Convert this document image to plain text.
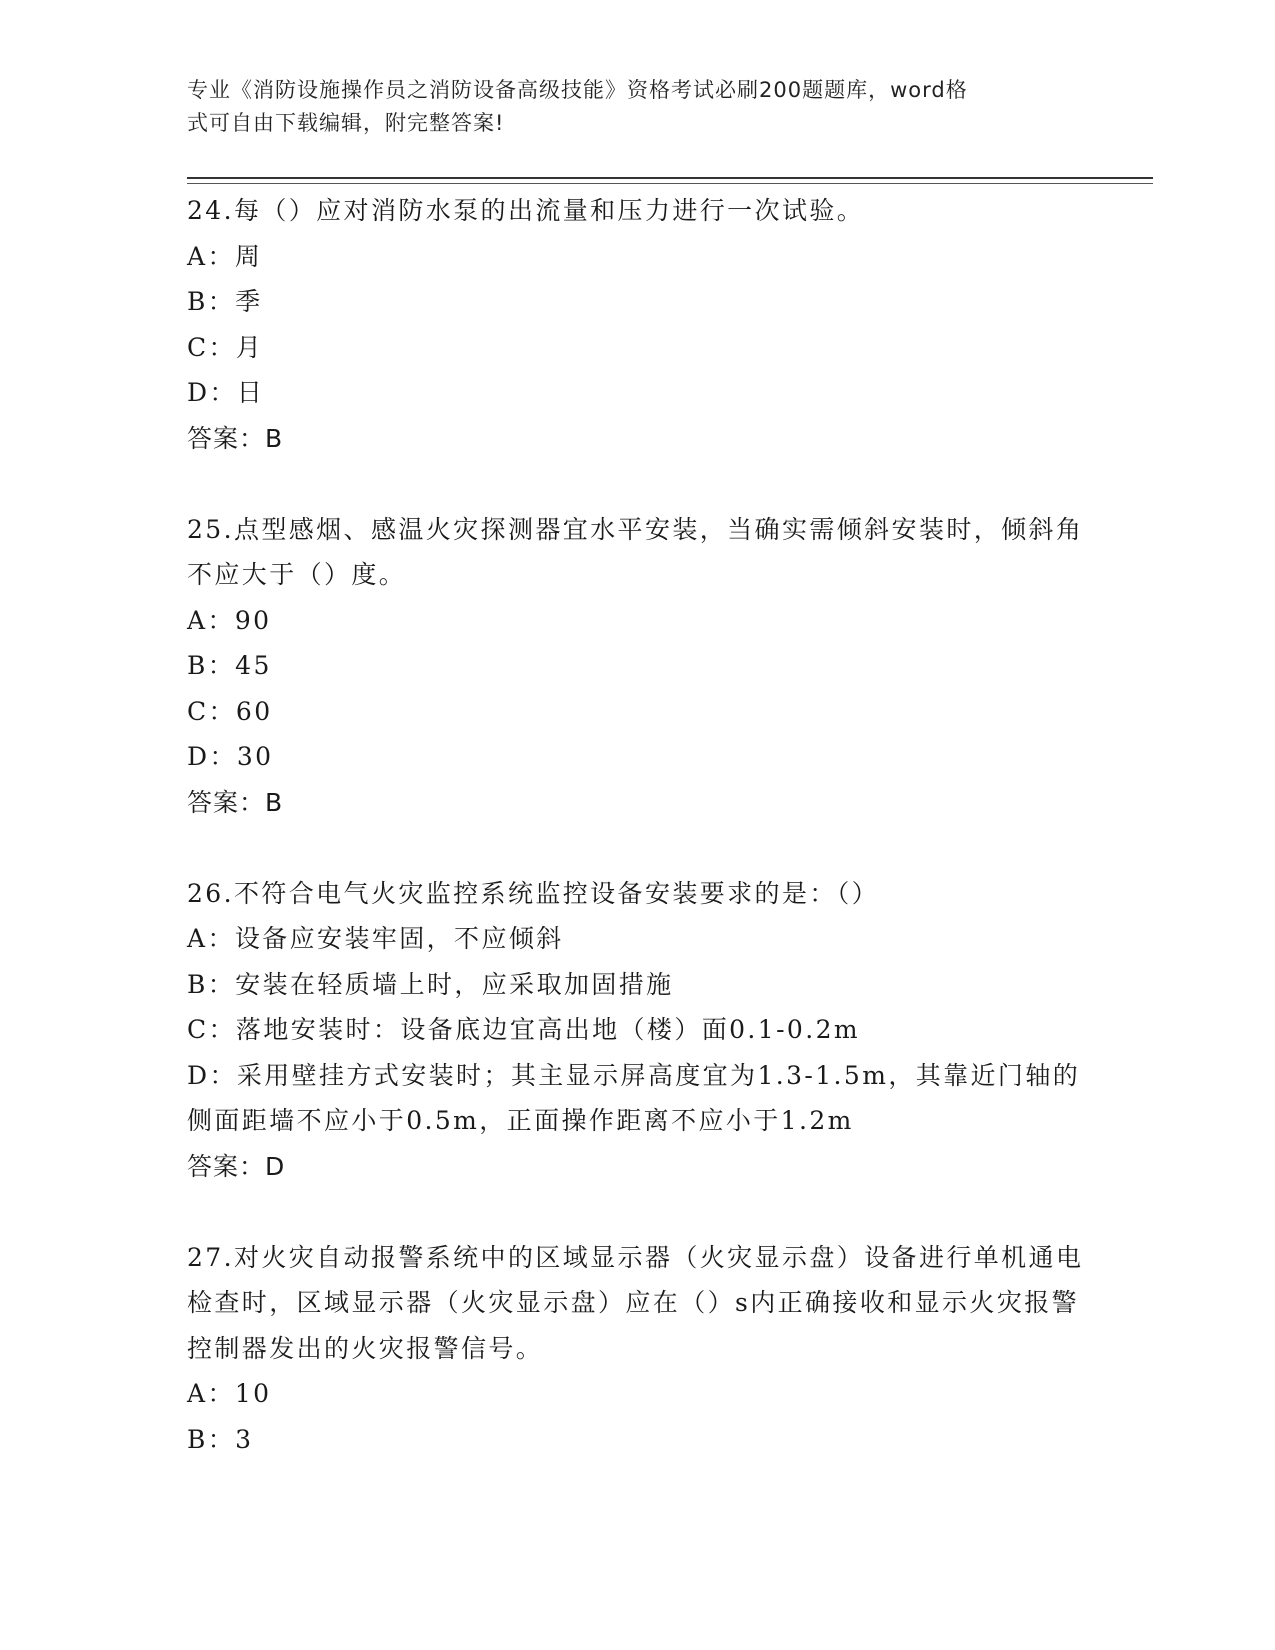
专业《消防设施操作员之消防设备高级技能》资格考试必刷200题题库，word格
式可自由下载编辑，附完整答案!
24.每（）应对消防水泵的出流量和压力进行一次试验。
A：周
B：季
C：月
D：日
答案：B
25.点型感烟、感温火灾探测器宜水平安装，当确实需倾斜安装时，倾斜角不应大于（）度。
A：90
B：45
C：60
D：30
答案：B
26.不符合电气火灾监控系统监控设备安装要求的是：（）
A：设备应安装牢固，不应倾斜
B：安装在轻质墙上时，应采取加固措施
C：落地安装时：设备底边宜高出地（楼）面0.1-0.2m
D：采用壁挂方式安装时；其主显示屏高度宜为1.3-1.5m，其靠近门轴的侧面距墙不应小于0.5m，正面操作距离不应小于1.2m
答案：D
27.对火灾自动报警系统中的区域显示器（火灾显示盘）设备进行单机通电检查时，区域显示器（火灾显示盘）应在（）s内正确接收和显示火灾报警控制器发出的火灾报警信号。
A：10
B：3
